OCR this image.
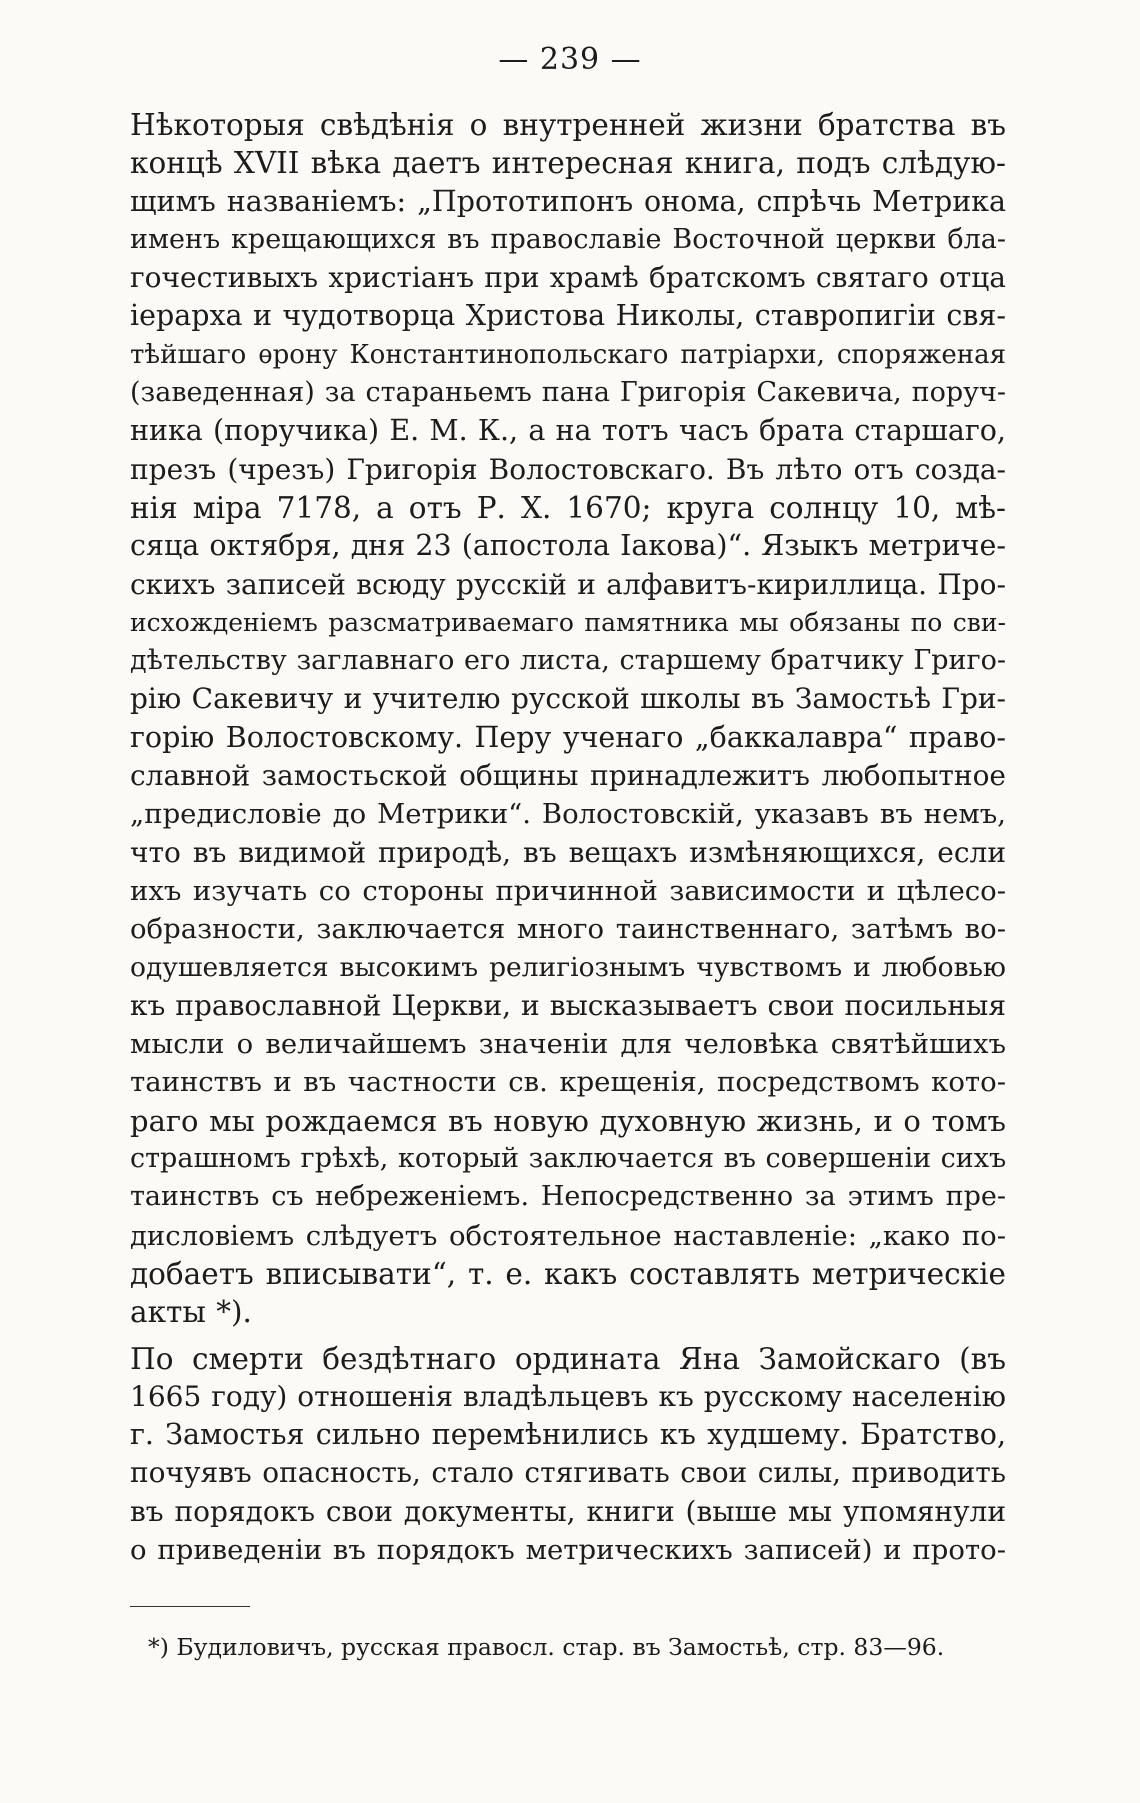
— 239 —
Нѣкоторыя свѣдѣнія о внутренней жизни братства въ
концѣ XVII вѣка даетъ интересная книга, подъ слѣдую-
щимъ названіемъ: „Прототипонъ онома, спрѣчь Метрика
именъ крещающихся въ православіе Восточной церкви бла-
гочестивыхъ христіанъ при храмѣ братскомъ святаго отца
іерарха и чудотворца Христова Николы, ставропигіи свя-
тѣйшаго ѳрону Константинопольскаго патріархи, спoряженая
(заведенная) за стараньемъ пана Григорія Сакевича, поруч-
ника (поручика) Е. М. К., а на тотъ часъ брата старшаго,
презъ (чрезъ) Григорія Волостовскаго. Въ лѣто отъ созда-
нія міра 7178, а отъ Р. Х. 1670; круга солнцу 10, мѣ-
сяца октября, дня 23 (апостола Іакова)“. Языкъ метриче-
скихъ записей всюду русскій и алфавитъ-кириллица. Про-
исхожденіемъ разсматриваемаго памятника мы обязаны по сви-
дѣтельству заглавнаго его листа, старшему братчику Григо-
рію Сакевичу и учителю русской школы въ Замостьѣ Гри-
горію Волостовскому. Перу ученаго „баккалавра“ право-
славной замостьской общины принадлежитъ любопытное
„предисловіе до Метрики“. Волостовскій, указавъ въ немъ,
что въ видимой природѣ, въ вещахъ измѣняющихся, если
ихъ изучать со стороны причинной зависимости и цѣлесо-
образности, заключается много таинственнаго, затѣмъ во-
одушевляется высокимъ религіознымъ чувствомъ и любовью
къ православной Церкви, и высказываетъ свои посильныя
мысли о величайшемъ значеніи для человѣка святѣйшихъ
таинствъ и въ частности св. крещенія, посредствомъ кото-
раго мы рождаемся въ новую духовную жизнь, и о томъ
страшномъ грѣхѣ, который заключается въ совершеніи сихъ
таинствъ съ небреженіемъ. Непосредственно за этимъ пре-
дисловіемъ слѣдуетъ обстоятельное наставленіе: „како по-
добаетъ вписывати“, т. е. какъ составлять метрическіе
акты *).
По смерти бездѣтнаго ордината Яна Замойскаго (въ
1665 году) отношенія владѣльцевъ къ русскому населенію
г. Замостья сильно перемѣнились къ худшему. Братство,
почуявъ опасность, стало стягивать свои силы, приводить
въ порядокъ свои документы, книги (выше мы упомянули
о приведеніи въ порядокъ метрическихъ записей) и прото-
*) Будиловичъ, русская правосл. стар. въ Замостьѣ, стр. 83—96.
